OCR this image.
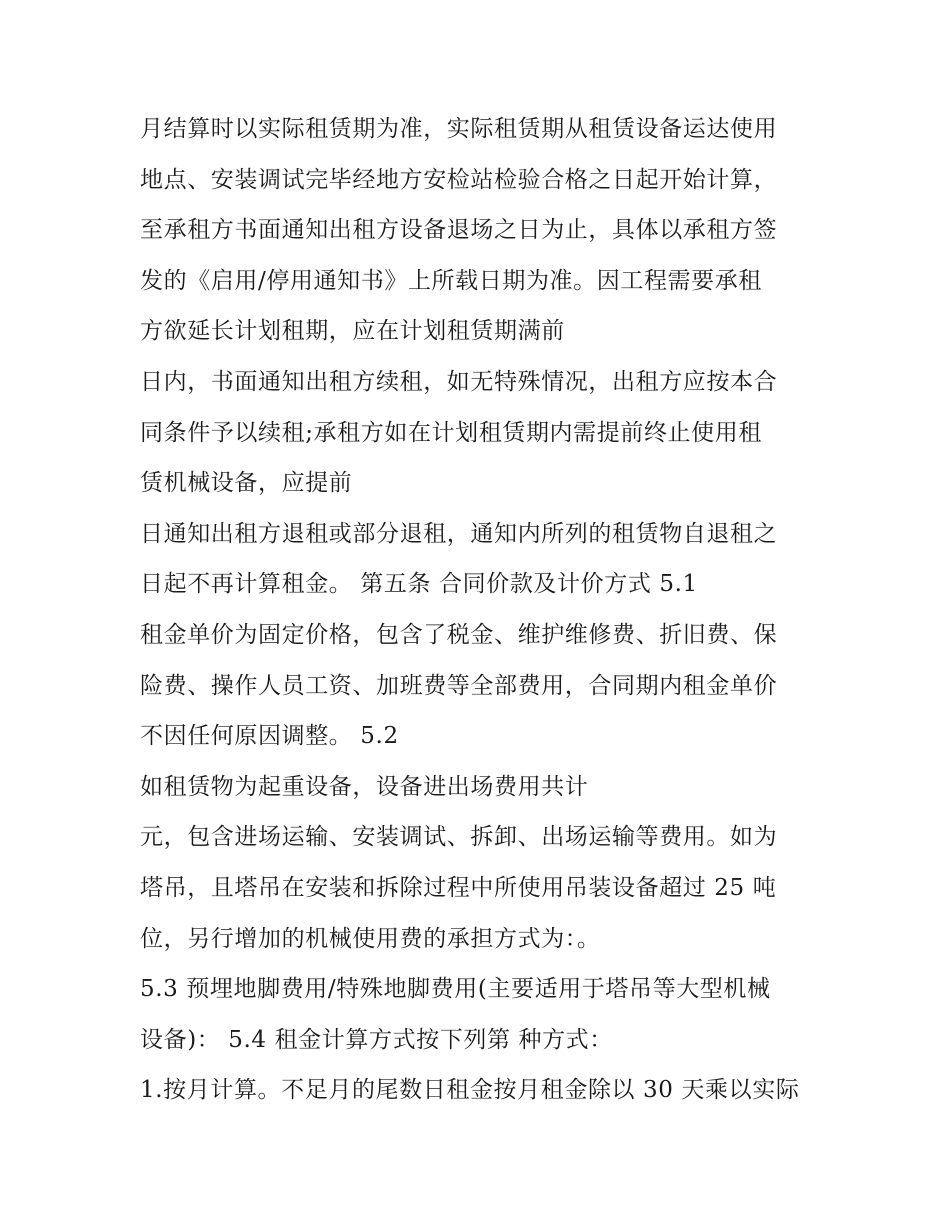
月结算时以实际租赁期为准，实际租赁期从租赁设备运达使用
地点、安装调试完毕经地方安检站检验合格之日起开始计算，
至承租方书面通知出租方设备退场之日为止，具体以承租方签
发的《启用/停用通知书》上所载日期为准。因工程需要承租
方欲延长计划租期，应在计划租赁期满前
日内，书面通知出租方续租，如无特殊情况，出租方应按本合
同条件予以续租;承租方如在计划租赁期内需提前终止使用租
赁机械设备，应提前
日通知出租方退租或部分退租，通知内所列的租赁物自退租之
日起不再计算租金。 第五条 合同价款及计价方式 5.1
租金单价为固定价格，包含了税金、维护维修费、折旧费、保
险费、操作人员工资、加班费等全部费用，合同期内租金单价
不因任何原因调整。 5.2
如租赁物为起重设备，设备进出场费用共计
元，包含进场运输、安装调试、拆卸、出场运输等费用。如为
塔吊，且塔吊在安装和拆除过程中所使用吊装设备超过 25 吨
位，另行增加的机械使用费的承担方式为：。
5.3 预埋地脚费用/特殊地脚费用(主要适用于塔吊等大型机械
设备)： 5.4 租金计算方式按下列第 种方式：
1.按月计算。不足月的尾数日租金按月租金除以 30 天乘以实际
